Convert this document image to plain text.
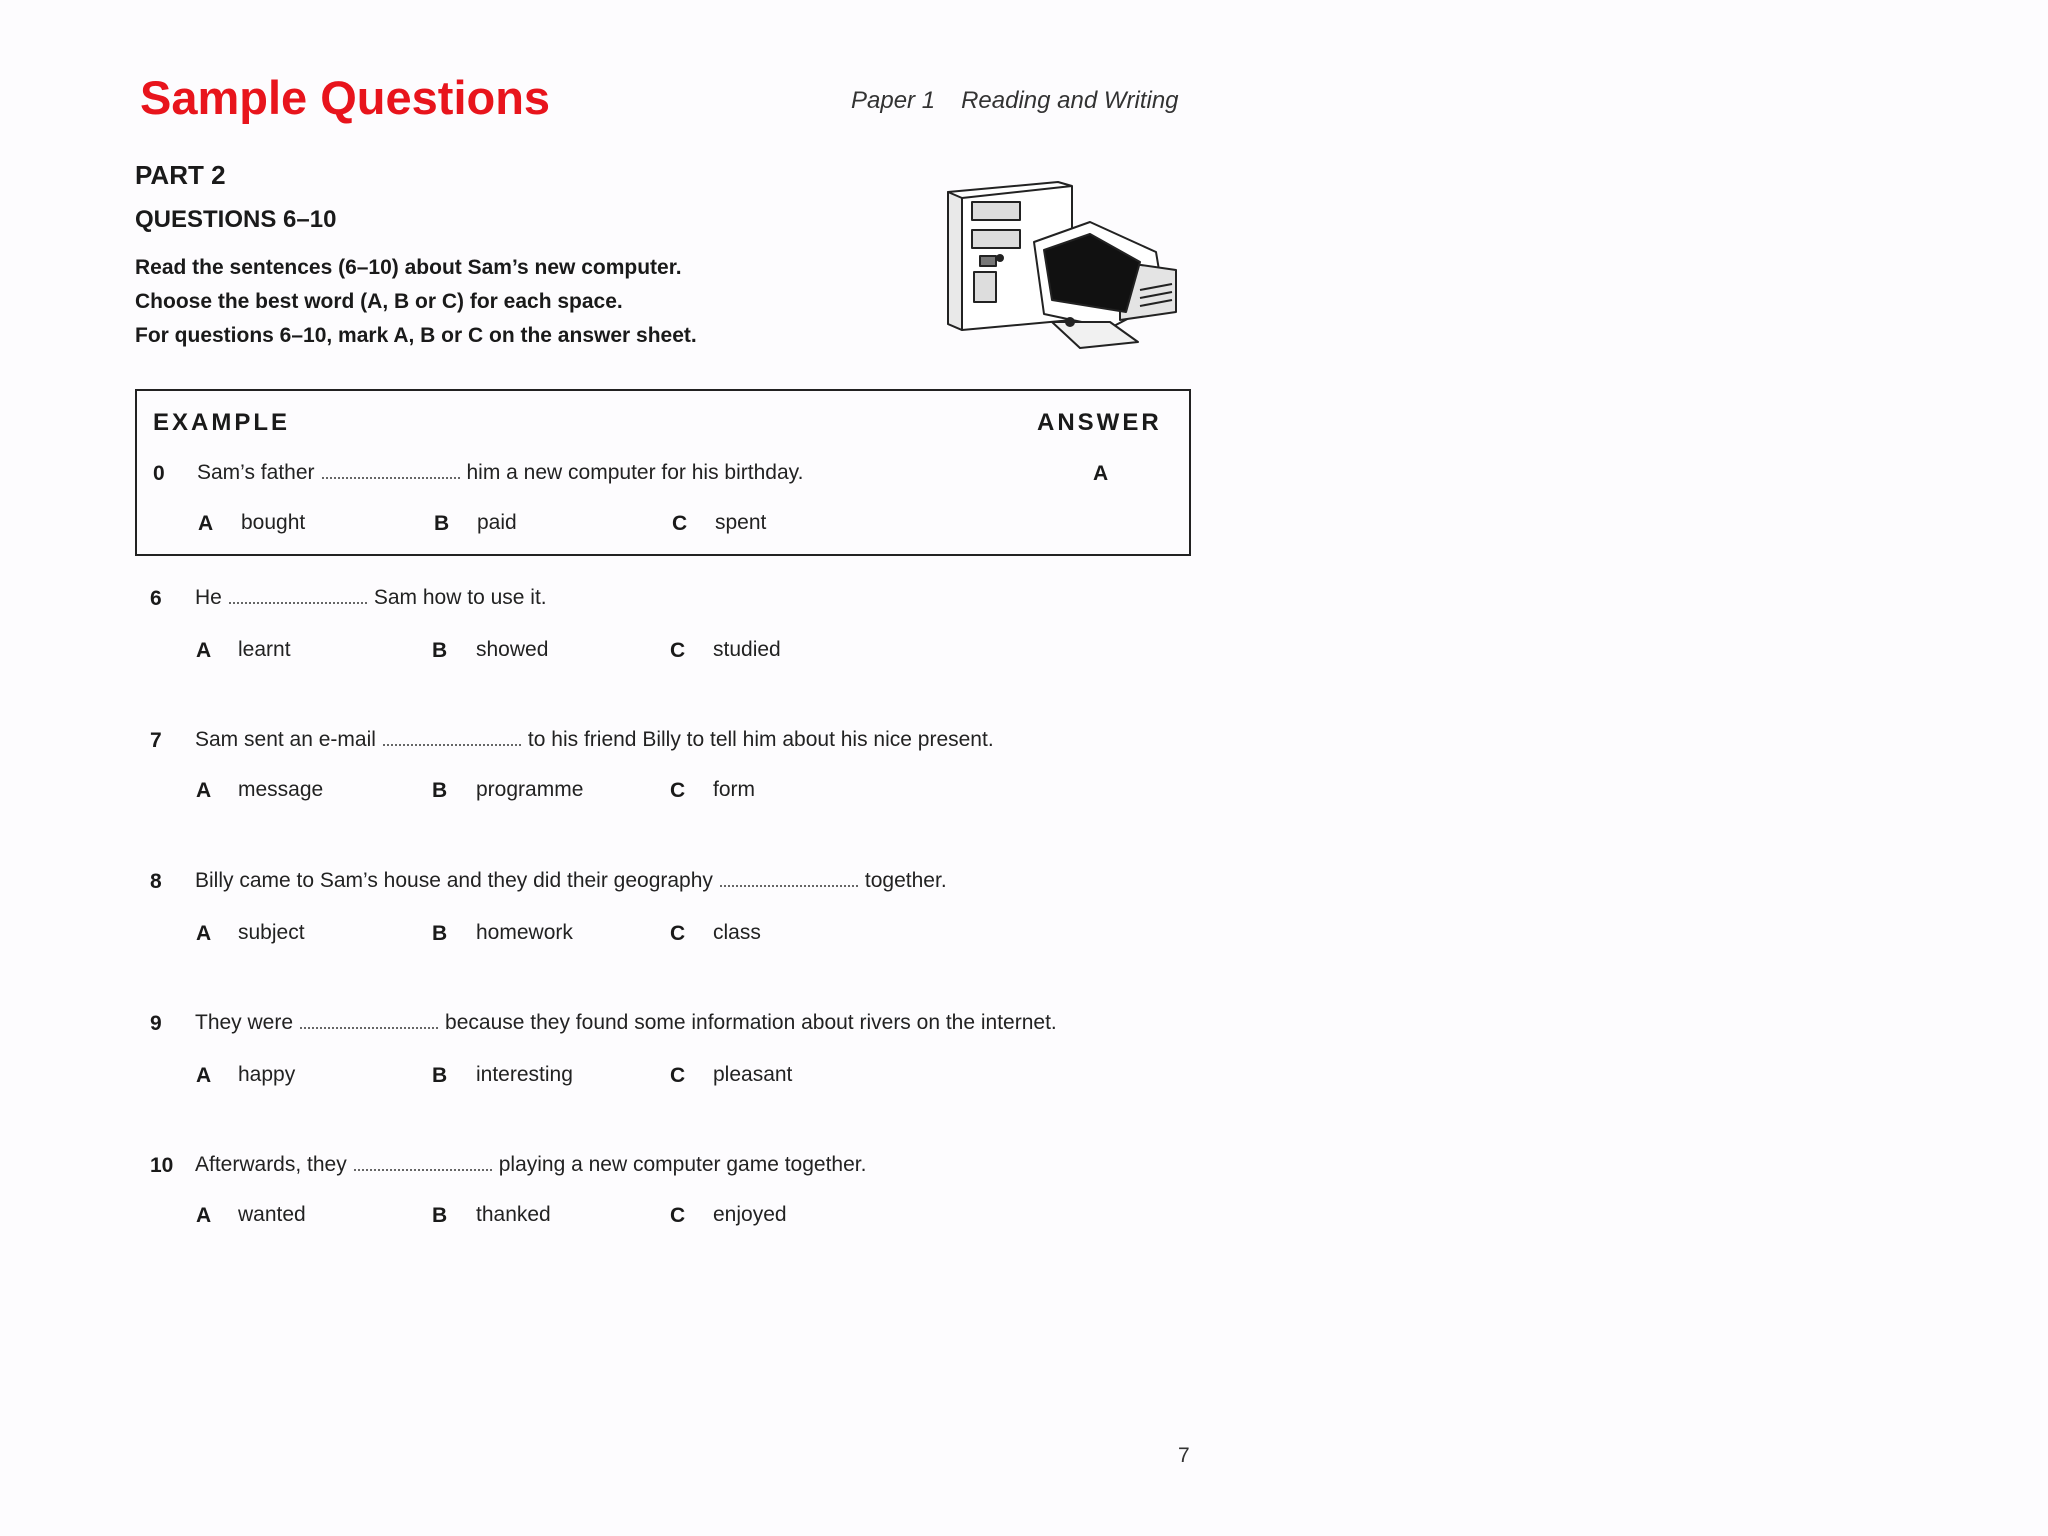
Sample Questions	Paper 1 Reading and Writing
PART 2
QUESTIONS 6–10
Read the sentences (6–10) about Sam’s new computer.
Choose the best word (A, B or C) for each space.
For questions 6–10, mark A, B or C on the answer sheet.
EXAMPLE	ANSWER
0 Sam’s father	him a new computer for his birthday.	A
A bought	B paid	C spent
6 He	Sam how to use it.
A learnt	B showed	C studied
7 Sam sent an e-mail	to his friend Billy to tell him about his nice present.
A message	B programme	C form
8 Billy came to Sam’s house and they did their geography	together.
A subject	B homework	C class
9 They were	because they found some information about rivers on the internet.
A happy	B interesting	C pleasant
10 Afterwards, they	playing a new computer game together.
A wanted	B thanked	C enjoyed
7
